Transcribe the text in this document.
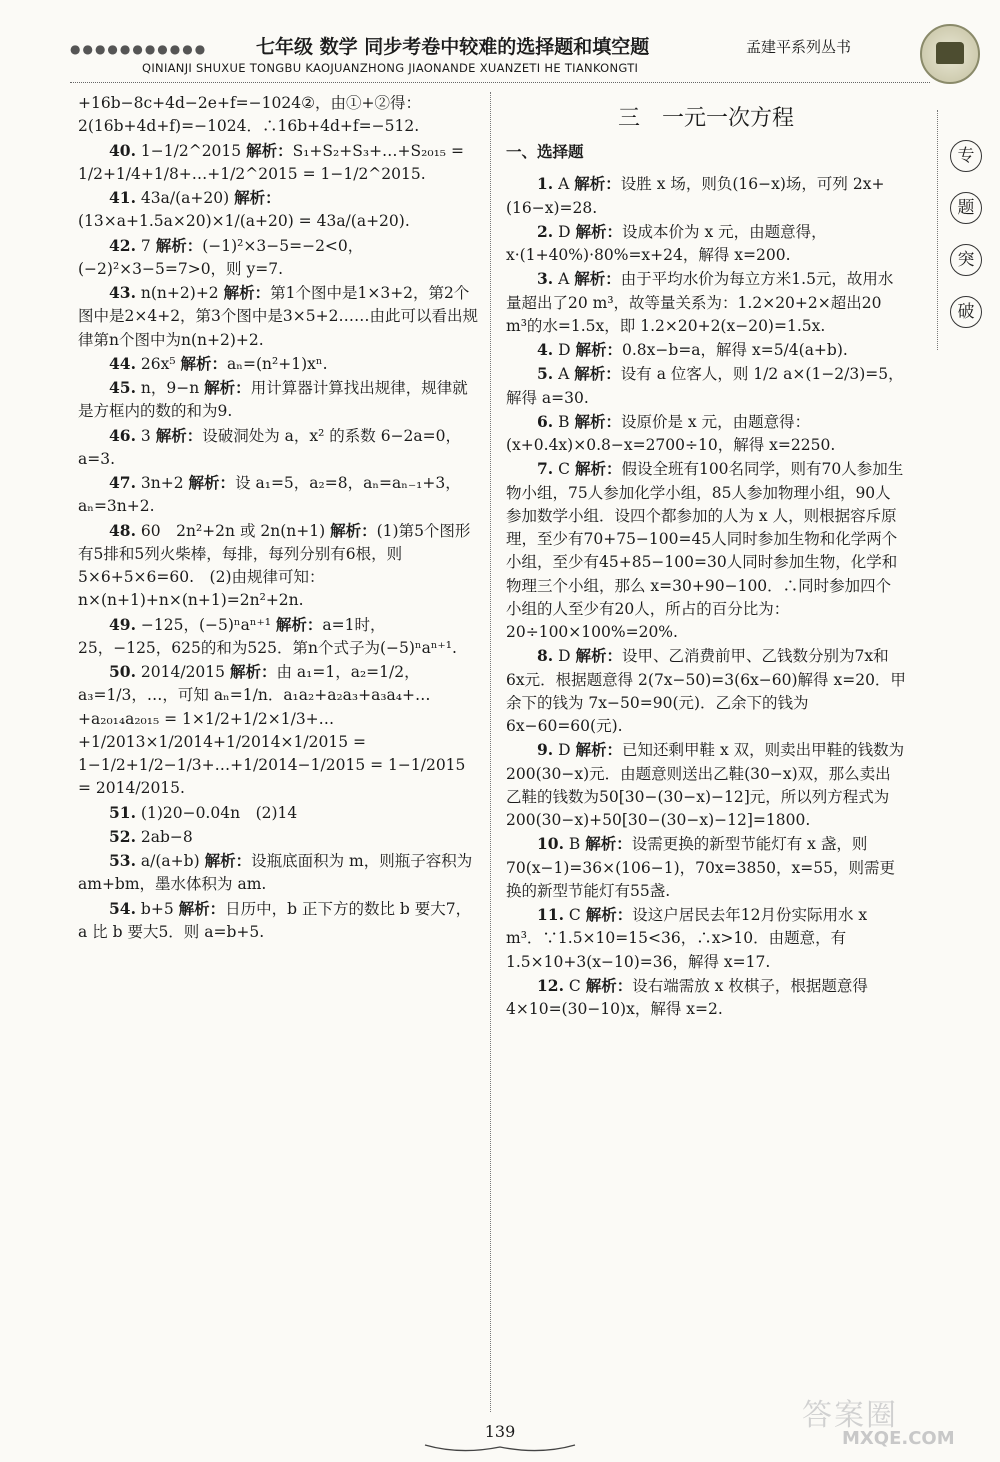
●●●●●●●●●●●	七年级 数学 同步考卷中较难的选择题和填空题	孟建平系列丛书
QINIANJI SHUXUE TONGBU KAOJUANZHONG JIAONANDE XUANZETI HE TIANKONGTI
专
题
突
破

+16b−8c+4d−2e+f=−1024②，由①+②得：2(16b+4d+f)=−1024．∴16b+4d+f=−512.

40. 1−1/2^2015 解析：S₁+S₂+S₃+…+S₂₀₁₅ = 1/2+1/4+1/8+…+1/2^2015 = 1−1/2^2015.

41. 43a/(a+20) 解析：(13×a+1.5a×20)×1/(a+20) = 43a/(a+20).

42. 7 解析：(−1)²×3−5=−2<0，(−2)²×3−5=7>0，则 y=7.

43. n(n+2)+2 解析：第1个图中是1×3+2，第2个图中是2×4+2，第3个图中是3×5+2……由此可以看出规律第n个图中为n(n+2)+2.

44. 26x⁵ 解析：aₙ=(n²+1)xⁿ.

45. n，9−n 解析：用计算器计算找出规律，规律就是方框内的数的和为9.

46. 3 解析：设破洞处为 a，x² 的系数 6−2a=0，a=3.

47. 3n+2 解析：设 a₁=5，a₂=8，aₙ=aₙ₋₁+3，aₙ=3n+2.

48. 60　2n²+2n 或 2n(n+1) 解析：(1)第5个图形有5排和5列火柴棒，每排，每列分别有6根，则5×6+5×6=60.　(2)由规律可知：n×(n+1)+n×(n+1)=2n²+2n.

49. −125，(−5)ⁿaⁿ⁺¹ 解析：a=1时，25，−125，625的和为525．第n个式子为(−5)ⁿaⁿ⁺¹.

50. 2014/2015 解析：由 a₁=1，a₂=1/2，a₃=1/3，…，可知 aₙ=1/n．a₁a₂+a₂a₃+a₃a₄+…+a₂₀₁₄a₂₀₁₅ = 1×1/2+1/2×1/3+…+1/2013×1/2014+1/2014×1/2015 = 1−1/2+1/2−1/3+…+1/2014−1/2015 = 1−1/2015 = 2014/2015.

51. (1)20−0.04n　(2)14

52. 2ab−8

53. a/(a+b) 解析：设瓶底面积为 m，则瓶子容积为 am+bm，墨水体积为 am.

54. b+5 解析：日历中，b 正下方的数比 b 要大7，a 比 b 要大5．则 a=b+5.

三　一元一次方程
一、选择题

1. A 解析：设胜 x 场，则负(16−x)场，可列 2x+(16−x)=28.

2. D 解析：设成本价为 x 元，由题意得，x·(1+40%)·80%=x+24，解得 x=200.

3. A 解析：由于平均水价为每立方米1.5元，故用水量超出了20 m³，故等量关系为：1.2×20+2×超出20 m³的水=1.5x，即 1.2×20+2(x−20)=1.5x.

4. D 解析：0.8x−b=a，解得 x=5/4(a+b).

5. A 解析：设有 a 位客人，则 1/2 a×(1−2/3)=5，解得 a=30.

6. B 解析：设原价是 x 元，由题意得：(x+0.4x)×0.8−x=2700÷10，解得 x=2250.

7. C 解析：假设全班有100名同学，则有70人参加生物小组，75人参加化学小组，85人参加物理小组，90人参加数学小组．设四个都参加的人为 x 人，则根据容斥原理，至少有70+75−100=45人同时参加生物和化学两个小组，至少有45+85−100=30人同时参加生物，化学和物理三个小组，那么 x=30+90−100．∴同时参加四个小组的人至少有20人，所占的百分比为：20÷100×100%=20%.

8. D 解析：设甲、乙消费前甲、乙钱数分别为7x和6x元．根据题意得 2(7x−50)=3(6x−60)解得 x=20．甲余下的钱为 7x−50=90(元)．乙余下的钱为 6x−60=60(元).

9. D 解析：已知还剩甲鞋 x 双，则卖出甲鞋的钱数为200(30−x)元．由题意则送出乙鞋(30−x)双，那么卖出乙鞋的钱数为50[30−(30−x)−12]元，所以列方程式为 200(30−x)+50[30−(30−x)−12]=1800.

10. B 解析：设需更换的新型节能灯有 x 盏，则 70(x−1)=36×(106−1)，70x=3850，x=55，则需更换的新型节能灯有55盏.

11. C 解析：设这户居民去年12月份实际用水 x m³．∵1.5×10=15<36，∴x>10．由题意，有 1.5×10+3(x−10)=36，解得 x=17.

12. C 解析：设右端需放 x 枚棋子，根据题意得 4×10=(30−10)x，解得 x=2.

139	答案圈
MXQE.COM
